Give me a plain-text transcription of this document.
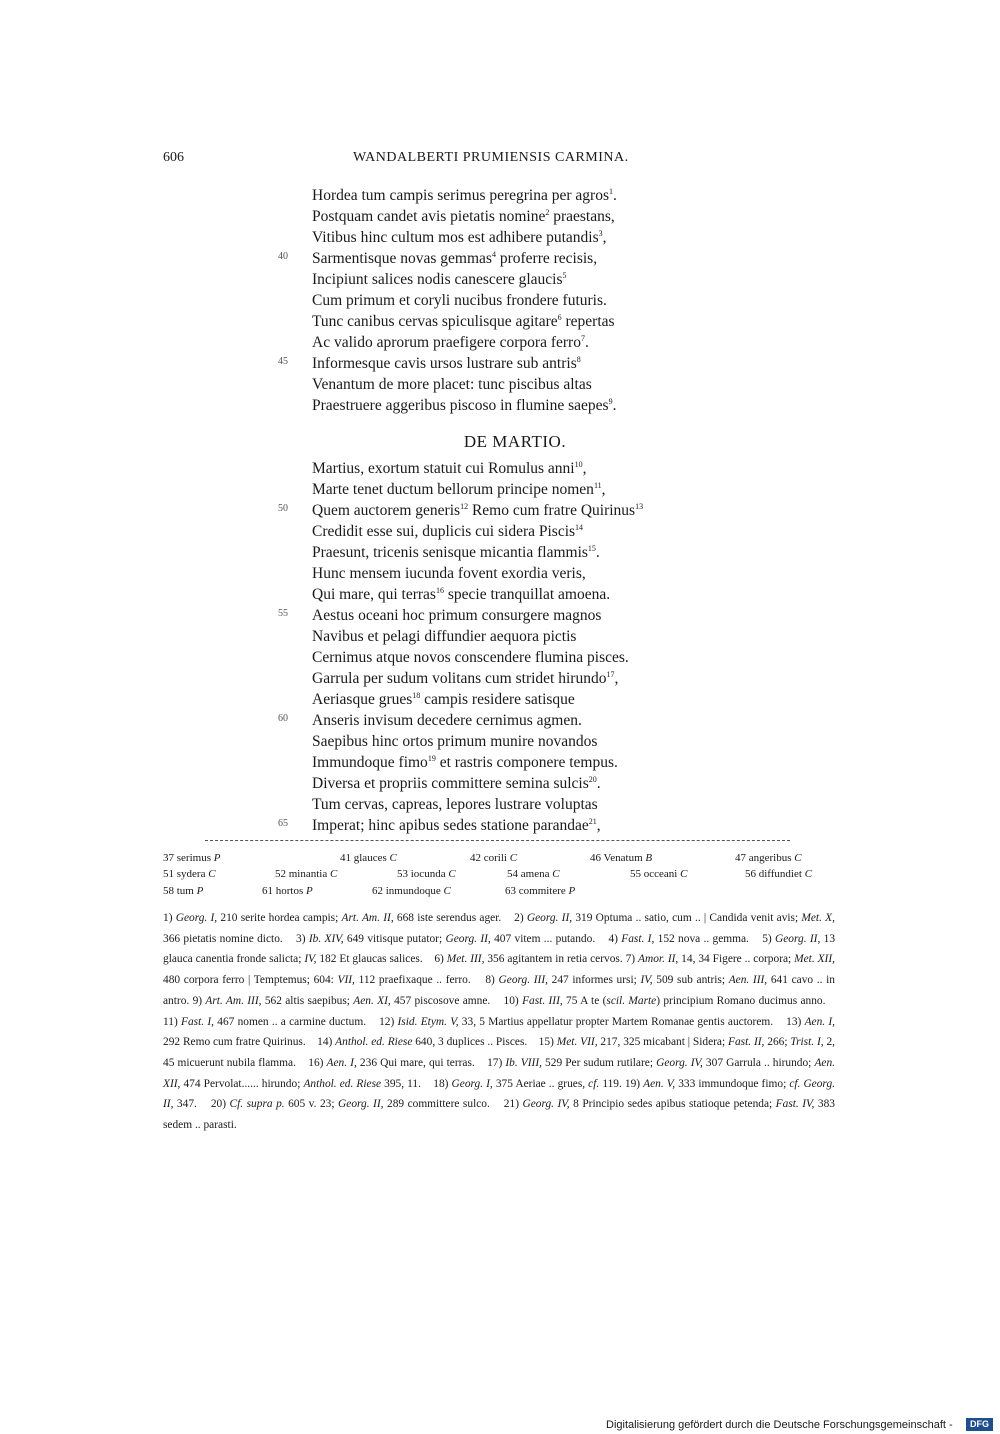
606	WANDALBERTI PRUMIENSIS CARMINA.
Hordea tum campis serimus peregrina per agros$^1$.
Postquam candet avis pietatis nomine$^2$ praestans,
Vitibus hinc cultum mos est adhibere putandis$^3$,
40 Sarmentisque novas gemmas$^4$ proferre recisis,
Incipiunt salices nodis canescere glaucis$^5$
Cum primum et coryli nucibus frondere futuris.
Tunc canibus cervas spiculisque agitare$^6$ repertas
Ac valido aprorum praefigere corpora ferro$^7$.
45 Informesque cavis ursos lustrare sub antris$^8$
Venantum de more placet: tunc piscibus altas
Praestruere aggeribus piscoso in flumine saepes$^9$.
DE MARTIO.
Martius, exortum statuit cui Romulus anni$^{10}$,
Marte tenet ductum bellorum principe nomen$^{11}$,
50 Quem auctorem generis$^{12}$ Remo cum fratre Quirinus$^{13}$
Credidit esse sui, duplicis cui sidera Piscis$^{14}$
Praesunt, tricenis senisque micantia flammis$^{15}$.
Hunc mensem iucunda fovent exordia veris,
Qui mare, qui terras$^{16}$ specie tranquillat amoena.
55 Aestus oceani hoc primum consurgere magnos
Navibus et pelagi diffundier aequora pictis
Cernimus atque novos conscendere flumina pisces.
Garrula per sudum volitans cum stridet hirundo$^{17}$,
Aeriasque grues$^{18}$ campis residere satisque
60 Anseris invisum decedere cernimus agmen.
Saepibus hinc ortos primum munire novandos
Immundoque fimo$^{19}$ et rastris componere tempus.
Diversa et propriis committere semina sulcis$^{20}$.
Tum cervas, capreas, lepores lustrare voluptas
65 Imperat; hinc apibus sedes statione parandae$^{21}$,
37 serimus P	41 glauces C	42 corili C	46 Venatum B	47 angeribus C
51 sydera C	52 minantia C	53 iocunda C	54 amena C	55 occeani C	56 diffundiet C
58 tum P	61 hortos P	62 inmundoque C	63 commitere P
1) Georg. I, 210 serite hordea campis; Art. Am. II, 668 iste serendus ager.    2) Georg. II, 319 Optuma .. satio, cum .. | Candida venit avis; Met. X, 366 pietatis nomine dicto.    3) Ib. XIV, 649 vitisque putator; Georg. II, 407 vitem ... putando.    4) Fast. I, 152 nova .. gemma.    5) Georg. II, 13 glauca canentia fronde salicta; IV, 182 Et glaucas salices.    6) Met. III, 356 agitantem in retia cervos. 7) Amor. II, 14, 34 Figere .. corpora; Met. XII, 480 corpora ferro | Temptemus; 604: VII, 112 praefixaque .. ferro.    8) Georg. III, 247 informes ursi; IV, 509 sub antris; Aen. III, 641 cavo .. in antro. 9) Art. Am. III, 562 altis saepibus; Aen. XI, 457 piscosove amne.    10) Fast. III, 75 A te (scil. Marte) principium Romano ducimus anno.    11) Fast. I, 467 nomen .. a carmine ductum.    12) Isid. Etym. V, 33, 5 Martius appellatur propter Martem Romanae gentis auctorem.    13) Aen. I, 292 Remo cum fratre Quirinus.    14) Anthol. ed. Riese 640, 3 duplices .. Pisces.    15) Met. VII, 217, 325 micabant | Sidera; Fast. II, 266; Trist. I, 2, 45 micuerunt nubila flamma.    16) Aen. I, 236 Qui mare, qui terras.    17) Ib. VIII, 529 Per sudum rutilare; Georg. IV, 307 Garrula .. hirundo; Aen. XII, 474 Pervolat...... hirundo; Anthol. ed. Riese 395, 11.    18) Georg. I, 375 Aeriae .. grues, cf. 119. 19) Aen. V, 333 immundoque fimo; cf. Georg. II, 347.    20) Cf. supra p. 605 v. 23; Georg. II, 289 committere sulco.    21) Georg. IV, 8 Principio sedes apibus statioque petenda; Fast. IV, 383 sedem .. parasti.
Digitalisierung gefördert durch die Deutsche Forschungsgemeinschaft -	DFG
